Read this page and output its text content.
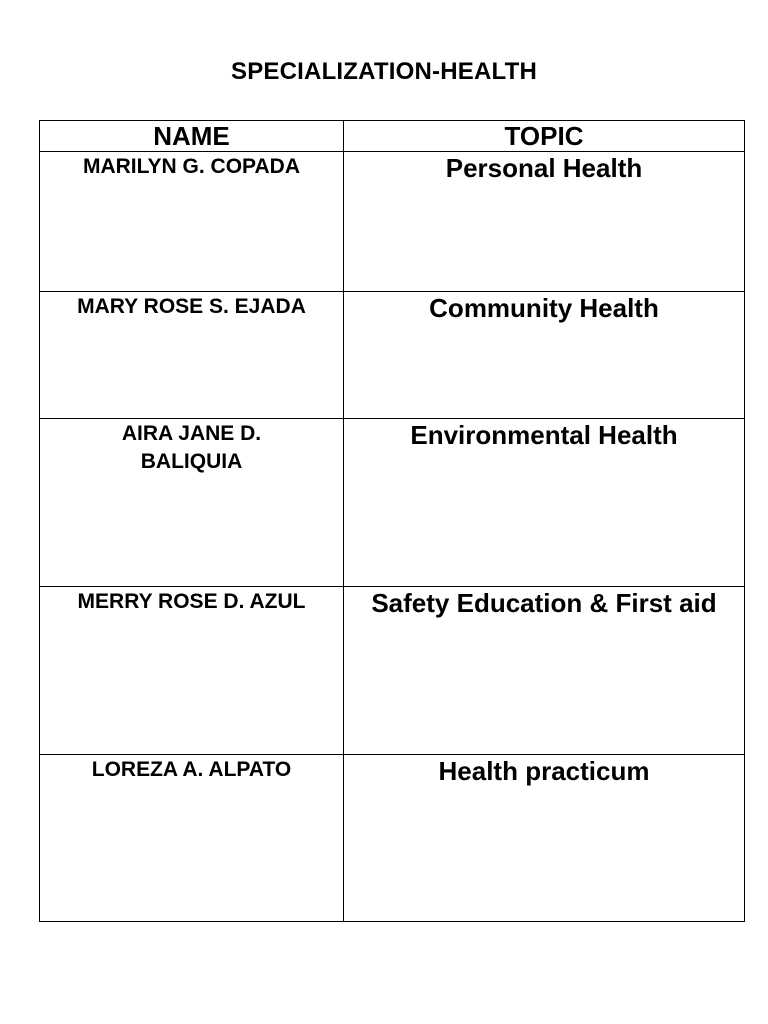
SPECIALIZATION-HEALTH
NAME	TOPIC

MARILYN G. COPADA	Personal Health

MARY ROSE S. EJADA	Community Health

AIRA JANE D. BALIQUIA	Environmental Health

MERRY ROSE D. AZUL	Safety Education & First aid

LOREZA A. ALPATO	Health practicum
